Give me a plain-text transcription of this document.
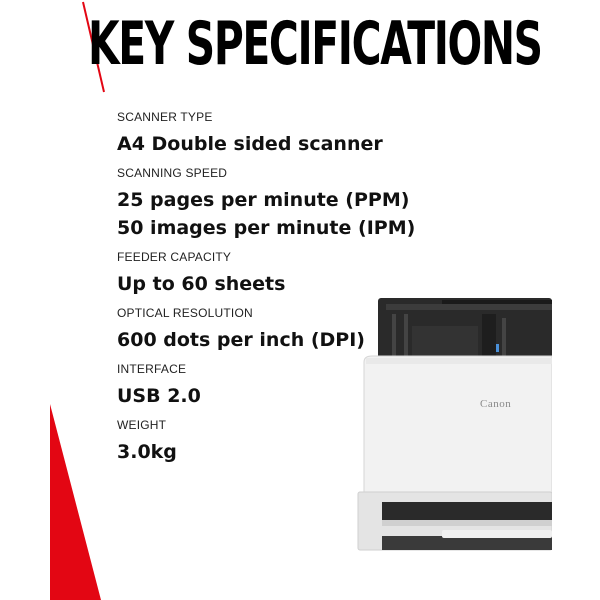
KEY SPECIFICATIONS
SCANNER TYPE
A4 Double sided scanner
SCANNING SPEED
25 pages per minute (PPM)
50 images per minute (IPM)
FEEDER CAPACITY
Up to 60 sheets
OPTICAL RESOLUTION
600 dots per inch (DPI)
INTERFACE
USB 2.0
WEIGHT
3.0kg
Canon
